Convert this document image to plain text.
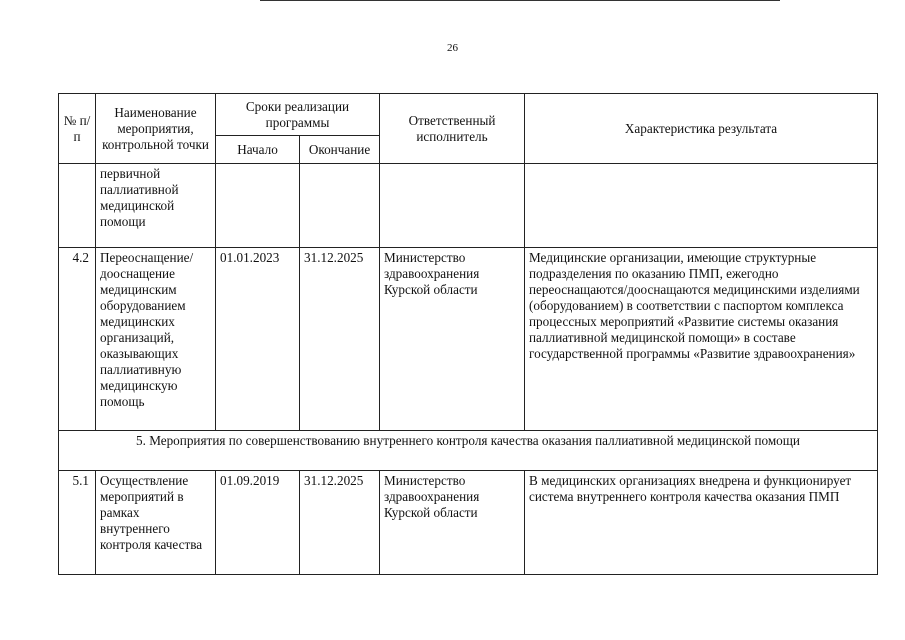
26
№ п/п	Наименование мероприятия, контрольной точки	Сроки реализации программы		Ответственный исполнитель	Характеристика результата
		Начало	Окончание		
	первичной паллиативной медицинской помощи				
4.2	Переоснащение/ дооснащение медицинским оборудованием медицинских организаций, оказывающих паллиативную медицинскую помощь	01.01.2023	31.12.2025	Министерство здравоохранения Курской области	Медицинские организации, имеющие структурные подразделения по оказанию ПМП, ежегодно переоснащаются/дооснащаются медицинскими изделиями (оборудованием) в соответствии с паспортом комплекса процессных мероприятий «Развитие системы оказания паллиативной медицинской помощи» в составе государственной программы «Развитие здравоохранения»
5. Мероприятия по совершенствованию внутреннего контроля качества оказания паллиативной медицинской помощи					
5.1	Осуществление мероприятий в рамках внутреннего контроля качества	01.09.2019	31.12.2025	Министерство здравоохранения Курской области	В медицинских организациях внедрена и функционирует система внутреннего контроля качества оказания ПМП
